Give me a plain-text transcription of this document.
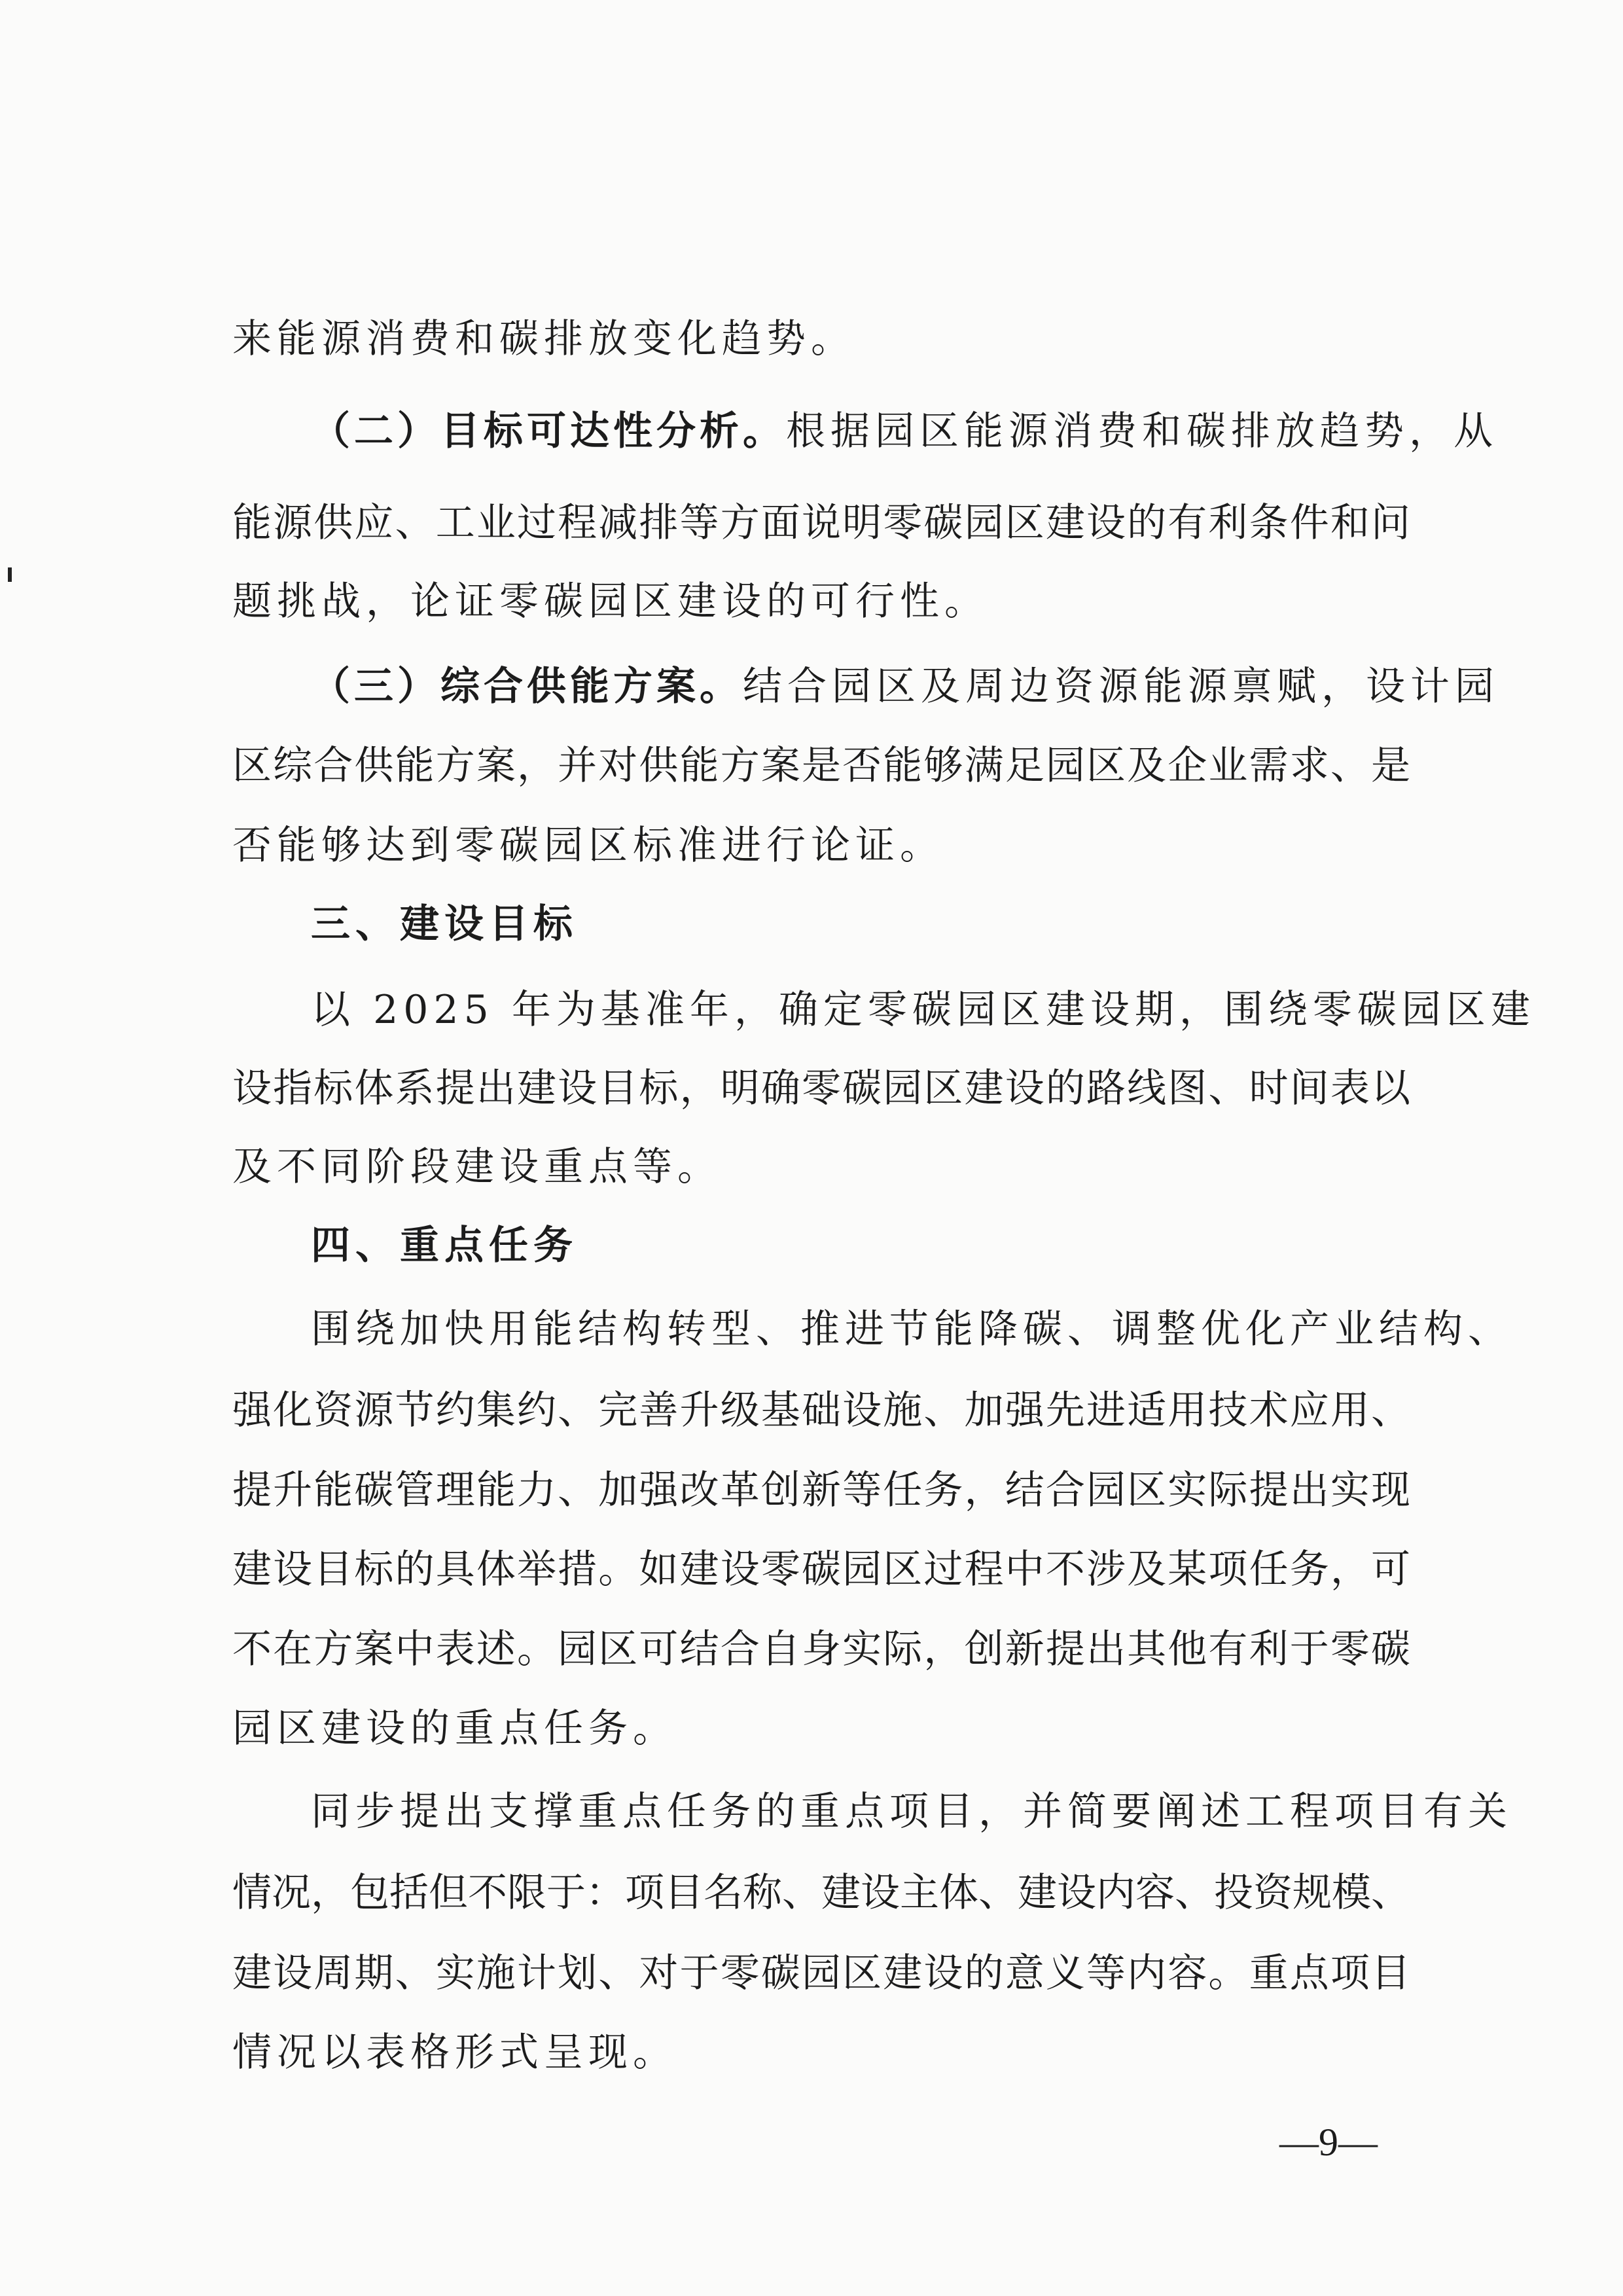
来能源消费和碳排放变化趋势。
（二）目标可达性分析。根据园区能源消费和碳排放趋势，从
能源供应、工业过程减排等方面说明零碳园区建设的有利条件和问
题挑战，论证零碳园区建设的可行性。
（三）综合供能方案。结合园区及周边资源能源禀赋，设计园
区综合供能方案，并对供能方案是否能够满足园区及企业需求、是
否能够达到零碳园区标准进行论证。
三、建设目标
以 2025 年为基准年，确定零碳园区建设期，围绕零碳园区建
设指标体系提出建设目标，明确零碳园区建设的路线图、时间表以
及不同阶段建设重点等。
四、重点任务
围绕加快用能结构转型、推进节能降碳、调整优化产业结构、
强化资源节约集约、完善升级基础设施、加强先进适用技术应用、
提升能碳管理能力、加强改革创新等任务，结合园区实际提出实现
建设目标的具体举措。如建设零碳园区过程中不涉及某项任务，可
不在方案中表述。园区可结合自身实际，创新提出其他有利于零碳
园区建设的重点任务。
同步提出支撑重点任务的重点项目，并简要阐述工程项目有关
情况，包括但不限于：项目名称、建设主体、建设内容、投资规模、
建设周期、实施计划、对于零碳园区建设的意义等内容。重点项目
情况以表格形式呈现。
—9—
